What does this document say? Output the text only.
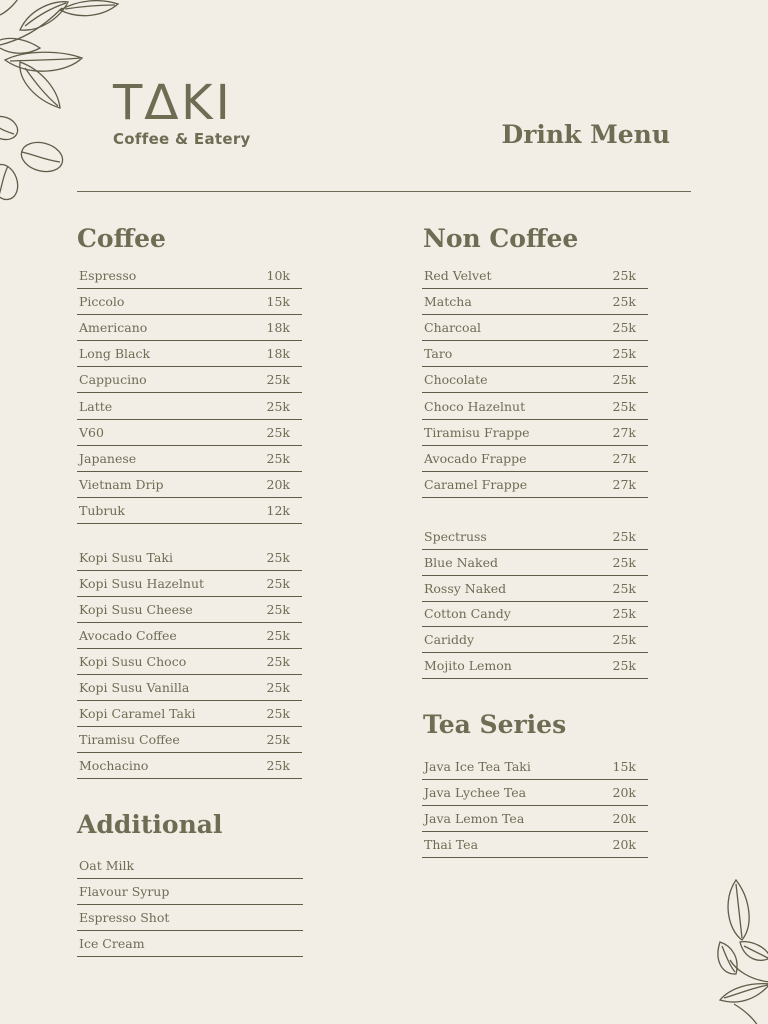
TΔKI
Coffee & Eatery	Drink Menu
Coffee	Non Coffee
Additional
Tea Series
Espresso	10k
Piccolo	15k
Americano	18k
Long Black	18k
Cappucino	25k
Latte	25k
V60	25k
Japanese	25k
Vietnam Drip	20k
Tubruk	12k
Kopi Susu Taki	25k
Kopi Susu Hazelnut	25k
Kopi Susu Cheese	25k
Avocado Coffee	25k
Kopi Susu Choco	25k
Kopi Susu Vanilla	25k
Kopi Caramel Taki	25k
Tiramisu Coffee	25k
Mochacino	25k
Oat Milk
Flavour Syrup
Espresso Shot
Ice Cream
Red Velvet	25k
Matcha	25k
Charcoal	25k
Taro	25k
Chocolate	25k
Choco Hazelnut	25k
Tiramisu Frappe	27k
Avocado Frappe	27k
Caramel Frappe	27k
Spectruss	25k
Blue Naked	25k
Rossy Naked	25k
Cotton Candy	25k
Cariddy	25k
Mojito Lemon	25k
Java Ice Tea Taki	15k
Java Lychee Tea	20k
Java Lemon Tea	20k
Thai Tea	20k
